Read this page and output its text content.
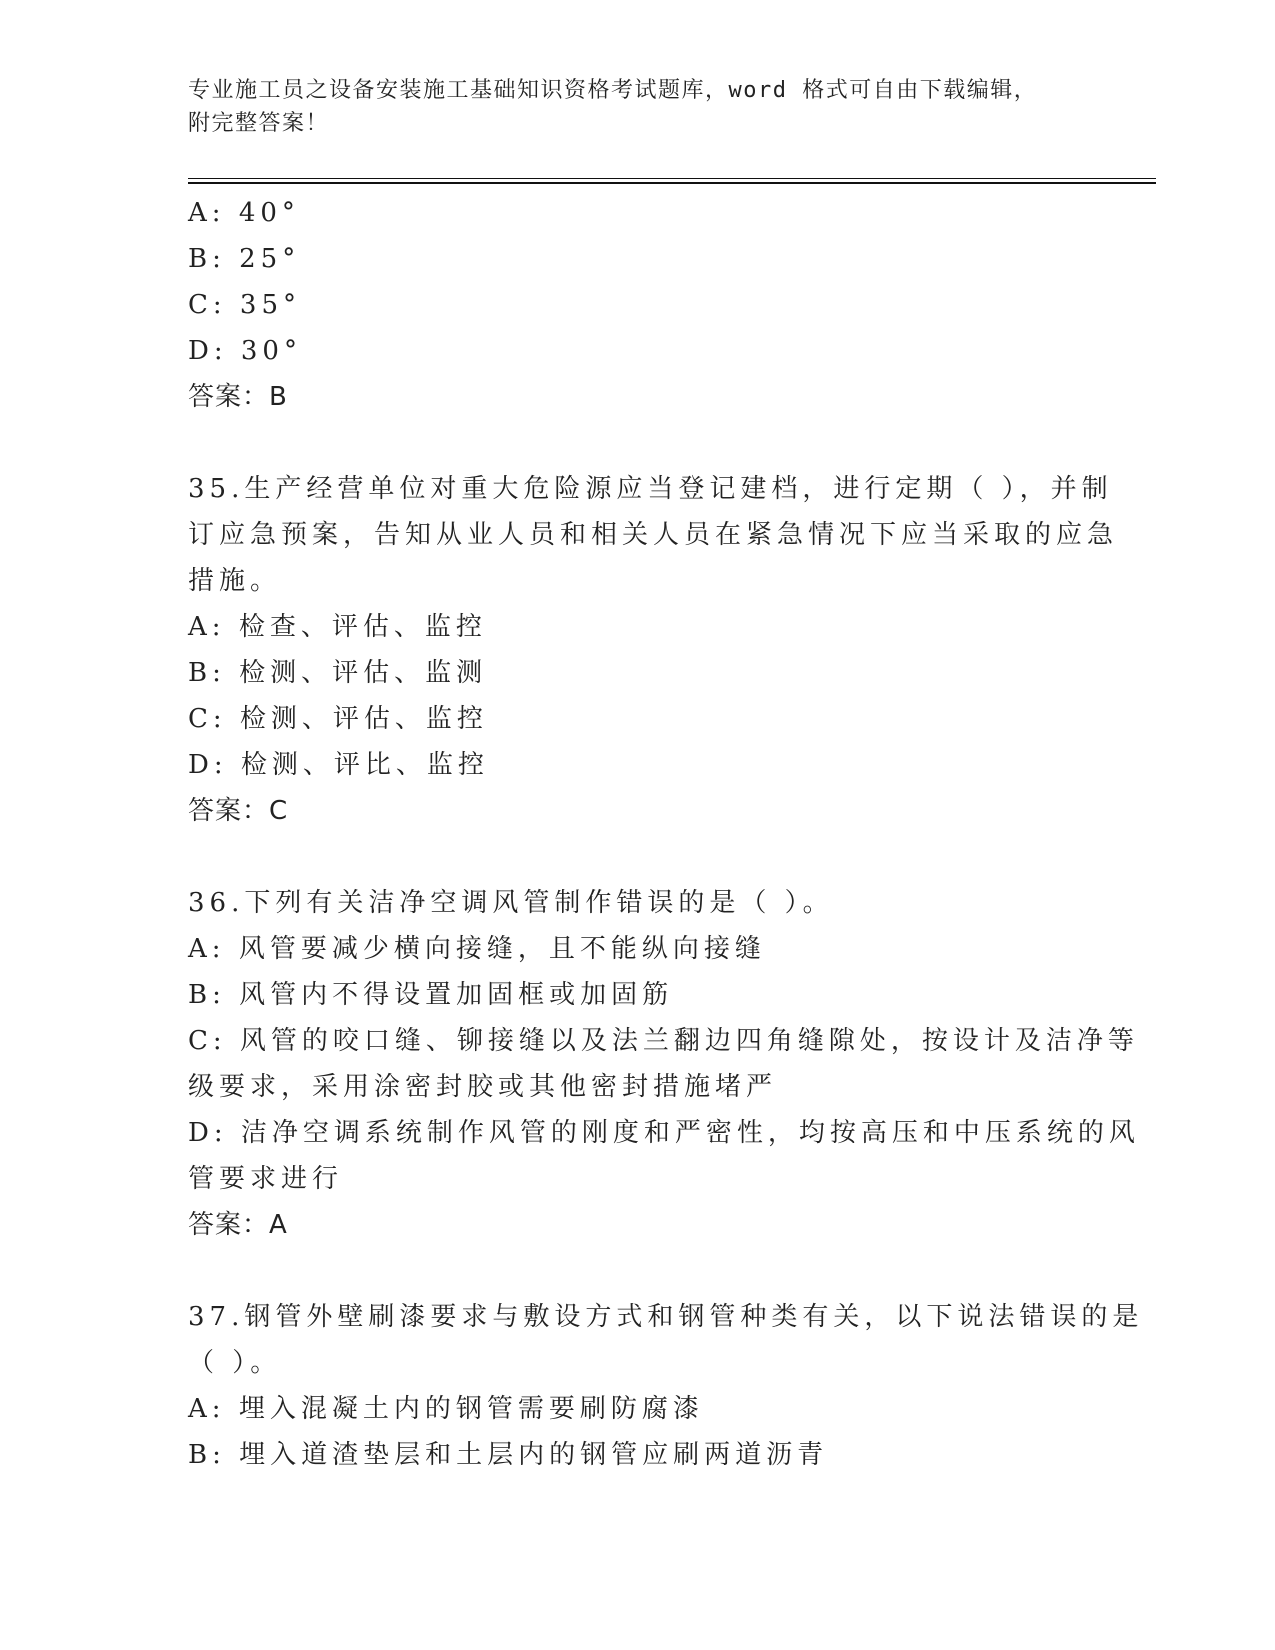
专业施工员之设备安装施工基础知识资格考试题库，word 格式可自由下载编辑，
附完整答案！
A: 40°
B: 25°
C: 35°
D: 30°
答案：B
35.生产经营单位对重大危险源应当登记建档，进行定期（ ），并制
订应急预案，告知从业人员和相关人员在紧急情况下应当采取的应急
措施。
A: 检查、评估、监控
B: 检测、评估、监测
C: 检测、评估、监控
D: 检测、评比、监控
答案：C
36.下列有关洁净空调风管制作错误的是（ ）。
A: 风管要减少横向接缝，且不能纵向接缝
B: 风管内不得设置加固框或加固筋
C: 风管的咬口缝、铆接缝以及法兰翻边四角缝隙处，按设计及洁净等
级要求，采用涂密封胶或其他密封措施堵严
D: 洁净空调系统制作风管的刚度和严密性，均按高压和中压系统的风
管要求进行
答案：A
37.钢管外壁刷漆要求与敷设方式和钢管种类有关，以下说法错误的是
（ ）。
A: 埋入混凝土内的钢管需要刷防腐漆
B: 埋入道渣垫层和土层内的钢管应刷两道沥青
